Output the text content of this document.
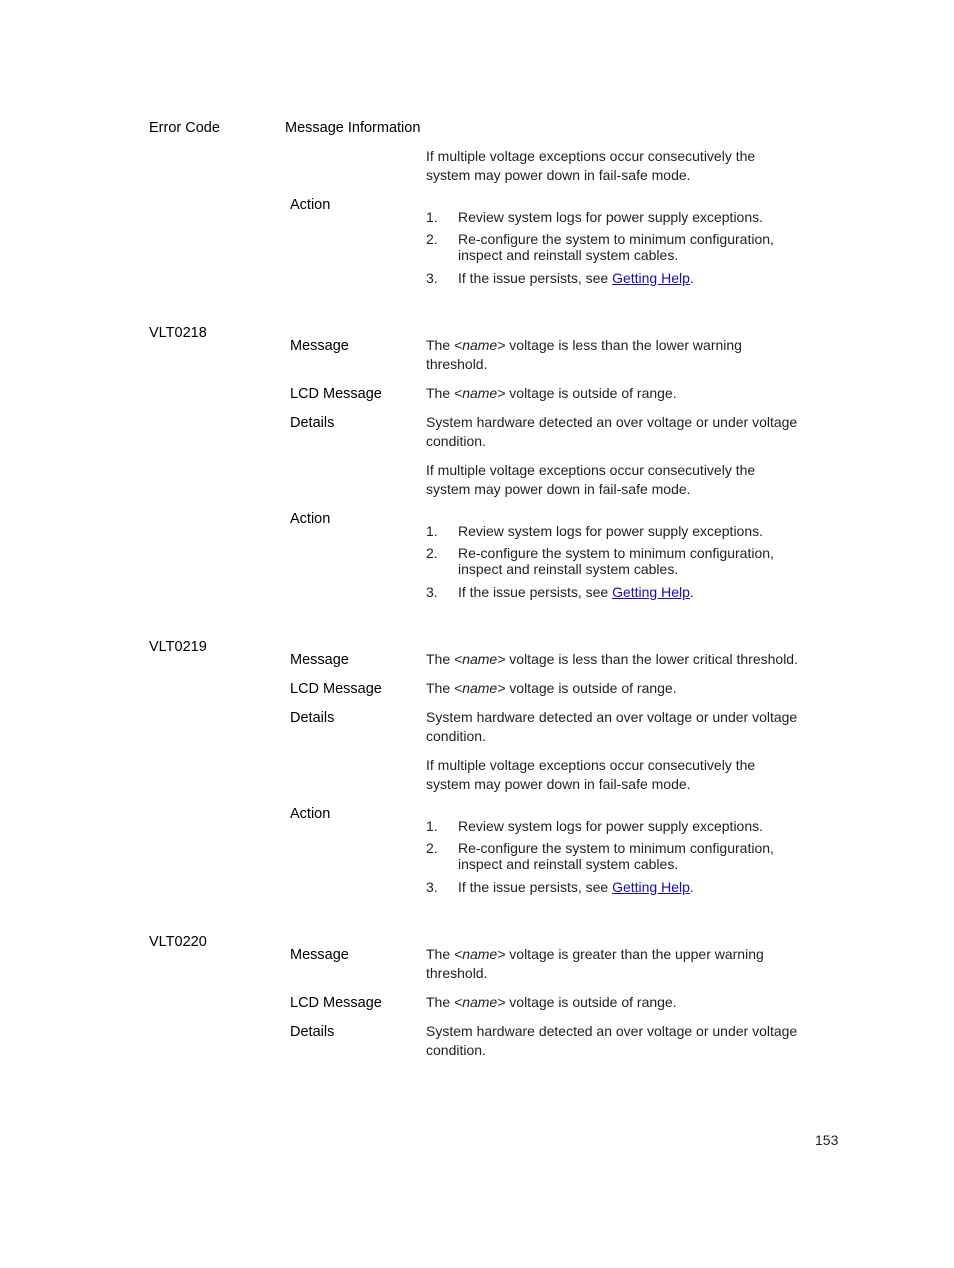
Error Code	Message Information
If multiple voltage exceptions occur consecutively the
system may power down in fail-safe mode.
Action
1.	Review system logs for power supply exceptions.
2.	Re-configure the system to minimum configuration,
inspect and reinstall system cables.
3.	If the issue persists, see Getting Help.
VLT0218
Message	The <name> voltage is less than the lower warning
threshold.
LCD Message	The <name> voltage is outside of range.
Details	System hardware detected an over voltage or under voltage
condition.
If multiple voltage exceptions occur consecutively the
system may power down in fail-safe mode.
Action
1.	Review system logs for power supply exceptions.
2.	Re-configure the system to minimum configuration,
inspect and reinstall system cables.
3.	If the issue persists, see Getting Help.
VLT0219
Message	The <name> voltage is less than the lower critical threshold.
LCD Message	The <name> voltage is outside of range.
Details	System hardware detected an over voltage or under voltage
condition.
If multiple voltage exceptions occur consecutively the
system may power down in fail-safe mode.
Action
1.	Review system logs for power supply exceptions.
2.	Re-configure the system to minimum configuration,
inspect and reinstall system cables.
3.	If the issue persists, see Getting Help.
VLT0220
Message	The <name> voltage is greater than the upper warning
threshold.
LCD Message	The <name> voltage is outside of range.
Details	System hardware detected an over voltage or under voltage
condition.
153
